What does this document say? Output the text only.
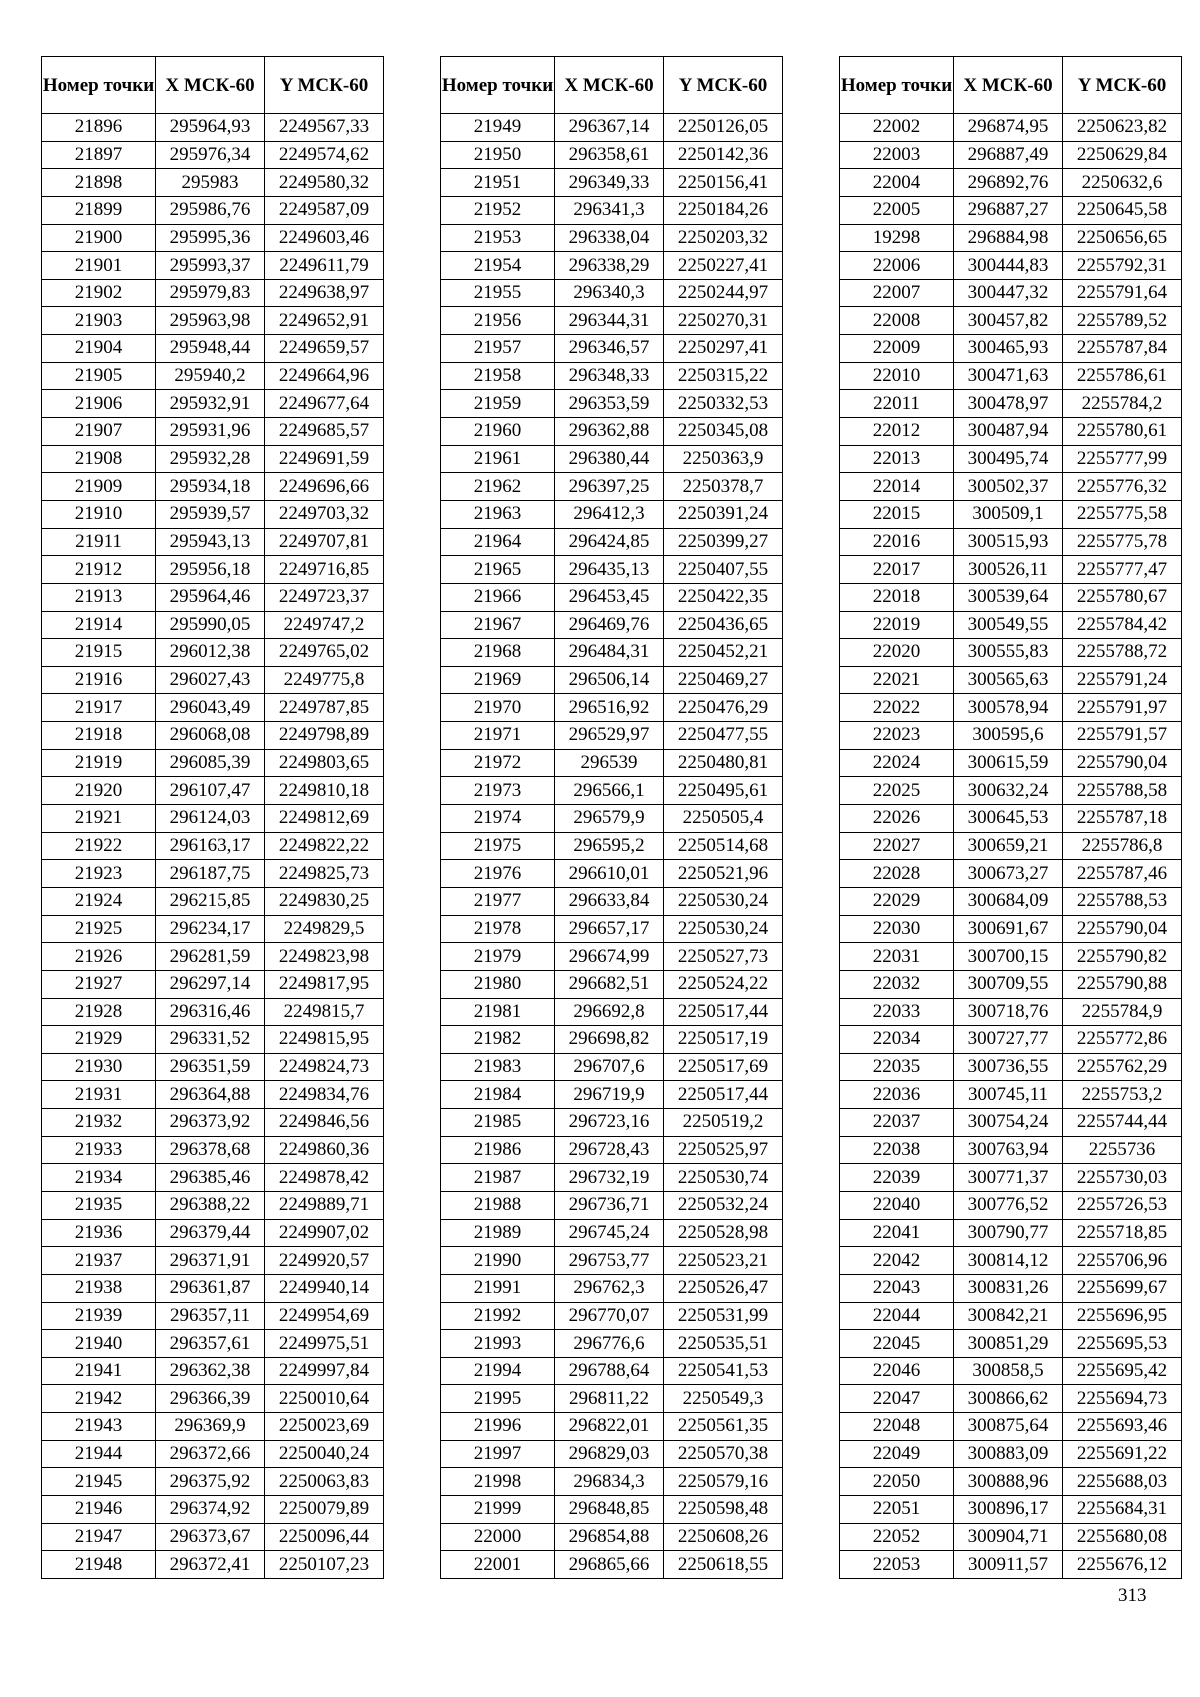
Номер точки	X МСК-60	Y МСК-60
21896	295964,93	2249567,33
21897	295976,34	2249574,62
21898	295983	2249580,32
21899	295986,76	2249587,09
21900	295995,36	2249603,46
21901	295993,37	2249611,79
21902	295979,83	2249638,97
21903	295963,98	2249652,91
21904	295948,44	2249659,57
21905	295940,2	2249664,96
21906	295932,91	2249677,64
21907	295931,96	2249685,57
21908	295932,28	2249691,59
21909	295934,18	2249696,66
21910	295939,57	2249703,32
21911	295943,13	2249707,81
21912	295956,18	2249716,85
21913	295964,46	2249723,37
21914	295990,05	2249747,2
21915	296012,38	2249765,02
21916	296027,43	2249775,8
21917	296043,49	2249787,85
21918	296068,08	2249798,89
21919	296085,39	2249803,65
21920	296107,47	2249810,18
21921	296124,03	2249812,69
21922	296163,17	2249822,22
21923	296187,75	2249825,73
21924	296215,85	2249830,25
21925	296234,17	2249829,5
21926	296281,59	2249823,98
21927	296297,14	2249817,95
21928	296316,46	2249815,7
21929	296331,52	2249815,95
21930	296351,59	2249824,73
21931	296364,88	2249834,76
21932	296373,92	2249846,56
21933	296378,68	2249860,36
21934	296385,46	2249878,42
21935	296388,22	2249889,71
21936	296379,44	2249907,02
21937	296371,91	2249920,57
21938	296361,87	2249940,14
21939	296357,11	2249954,69
21940	296357,61	2249975,51
21941	296362,38	2249997,84
21942	296366,39	2250010,64
21943	296369,9	2250023,69
21944	296372,66	2250040,24
21945	296375,92	2250063,83
21946	296374,92	2250079,89
21947	296373,67	2250096,44
21948	296372,41	2250107,23
Номер точки	X МСК-60	Y МСК-60
21949	296367,14	2250126,05
21950	296358,61	2250142,36
21951	296349,33	2250156,41
21952	296341,3	2250184,26
21953	296338,04	2250203,32
21954	296338,29	2250227,41
21955	296340,3	2250244,97
21956	296344,31	2250270,31
21957	296346,57	2250297,41
21958	296348,33	2250315,22
21959	296353,59	2250332,53
21960	296362,88	2250345,08
21961	296380,44	2250363,9
21962	296397,25	2250378,7
21963	296412,3	2250391,24
21964	296424,85	2250399,27
21965	296435,13	2250407,55
21966	296453,45	2250422,35
21967	296469,76	2250436,65
21968	296484,31	2250452,21
21969	296506,14	2250469,27
21970	296516,92	2250476,29
21971	296529,97	2250477,55
21972	296539	2250480,81
21973	296566,1	2250495,61
21974	296579,9	2250505,4
21975	296595,2	2250514,68
21976	296610,01	2250521,96
21977	296633,84	2250530,24
21978	296657,17	2250530,24
21979	296674,99	2250527,73
21980	296682,51	2250524,22
21981	296692,8	2250517,44
21982	296698,82	2250517,19
21983	296707,6	2250517,69
21984	296719,9	2250517,44
21985	296723,16	2250519,2
21986	296728,43	2250525,97
21987	296732,19	2250530,74
21988	296736,71	2250532,24
21989	296745,24	2250528,98
21990	296753,77	2250523,21
21991	296762,3	2250526,47
21992	296770,07	2250531,99
21993	296776,6	2250535,51
21994	296788,64	2250541,53
21995	296811,22	2250549,3
21996	296822,01	2250561,35
21997	296829,03	2250570,38
21998	296834,3	2250579,16
21999	296848,85	2250598,48
22000	296854,88	2250608,26
22001	296865,66	2250618,55
Номер точки	X МСК-60	Y МСК-60
22002	296874,95	2250623,82
22003	296887,49	2250629,84
22004	296892,76	2250632,6
22005	296887,27	2250645,58
19298	296884,98	2250656,65
22006	300444,83	2255792,31
22007	300447,32	2255791,64
22008	300457,82	2255789,52
22009	300465,93	2255787,84
22010	300471,63	2255786,61
22011	300478,97	2255784,2
22012	300487,94	2255780,61
22013	300495,74	2255777,99
22014	300502,37	2255776,32
22015	300509,1	2255775,58
22016	300515,93	2255775,78
22017	300526,11	2255777,47
22018	300539,64	2255780,67
22019	300549,55	2255784,42
22020	300555,83	2255788,72
22021	300565,63	2255791,24
22022	300578,94	2255791,97
22023	300595,6	2255791,57
22024	300615,59	2255790,04
22025	300632,24	2255788,58
22026	300645,53	2255787,18
22027	300659,21	2255786,8
22028	300673,27	2255787,46
22029	300684,09	2255788,53
22030	300691,67	2255790,04
22031	300700,15	2255790,82
22032	300709,55	2255790,88
22033	300718,76	2255784,9
22034	300727,77	2255772,86
22035	300736,55	2255762,29
22036	300745,11	2255753,2
22037	300754,24	2255744,44
22038	300763,94	2255736
22039	300771,37	2255730,03
22040	300776,52	2255726,53
22041	300790,77	2255718,85
22042	300814,12	2255706,96
22043	300831,26	2255699,67
22044	300842,21	2255696,95
22045	300851,29	2255695,53
22046	300858,5	2255695,42
22047	300866,62	2255694,73
22048	300875,64	2255693,46
22049	300883,09	2255691,22
22050	300888,96	2255688,03
22051	300896,17	2255684,31
22052	300904,71	2255680,08
22053	300911,57	2255676,12
313
